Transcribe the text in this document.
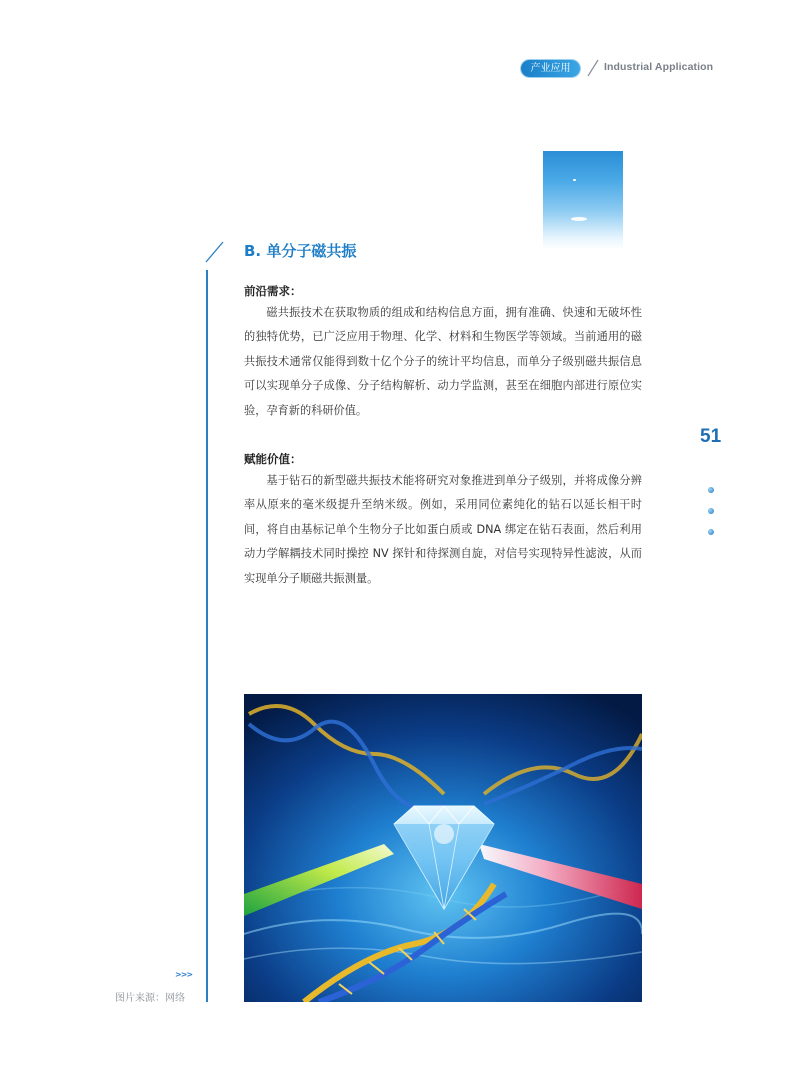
产业应用	Industrial Application
B. 单分子磁共振
前沿需求：

磁共振技术在获取物质的组成和结构信息方面，拥有准确、快速和无破坏性的独特优势，已广泛应用于物理、化学、材料和生物医学等领域。当前通用的磁共振技术通常仅能得到数十亿个分子的统计平均信息，而单分子级别磁共振信息可以实现单分子成像、分子结构解析、动力学监测，甚至在细胞内部进行原位实验，孕育新的科研价值。

赋能价值：

基于钻石的新型磁共振技术能将研究对象推进到单分子级别，并将成像分辨率从原来的毫米级提升至纳米级。例如，采用同位素纯化的钻石以延长相干时间，将自由基标记单个生物分子比如蛋白质或 DNA 绑定在钻石表面，然后利用动力学解耦技术同时操控 NV 探针和待探测自旋，对信号实现特异性滤波，从而实现单分子顺磁共振测量。

51
>>>
图片来源：网络
